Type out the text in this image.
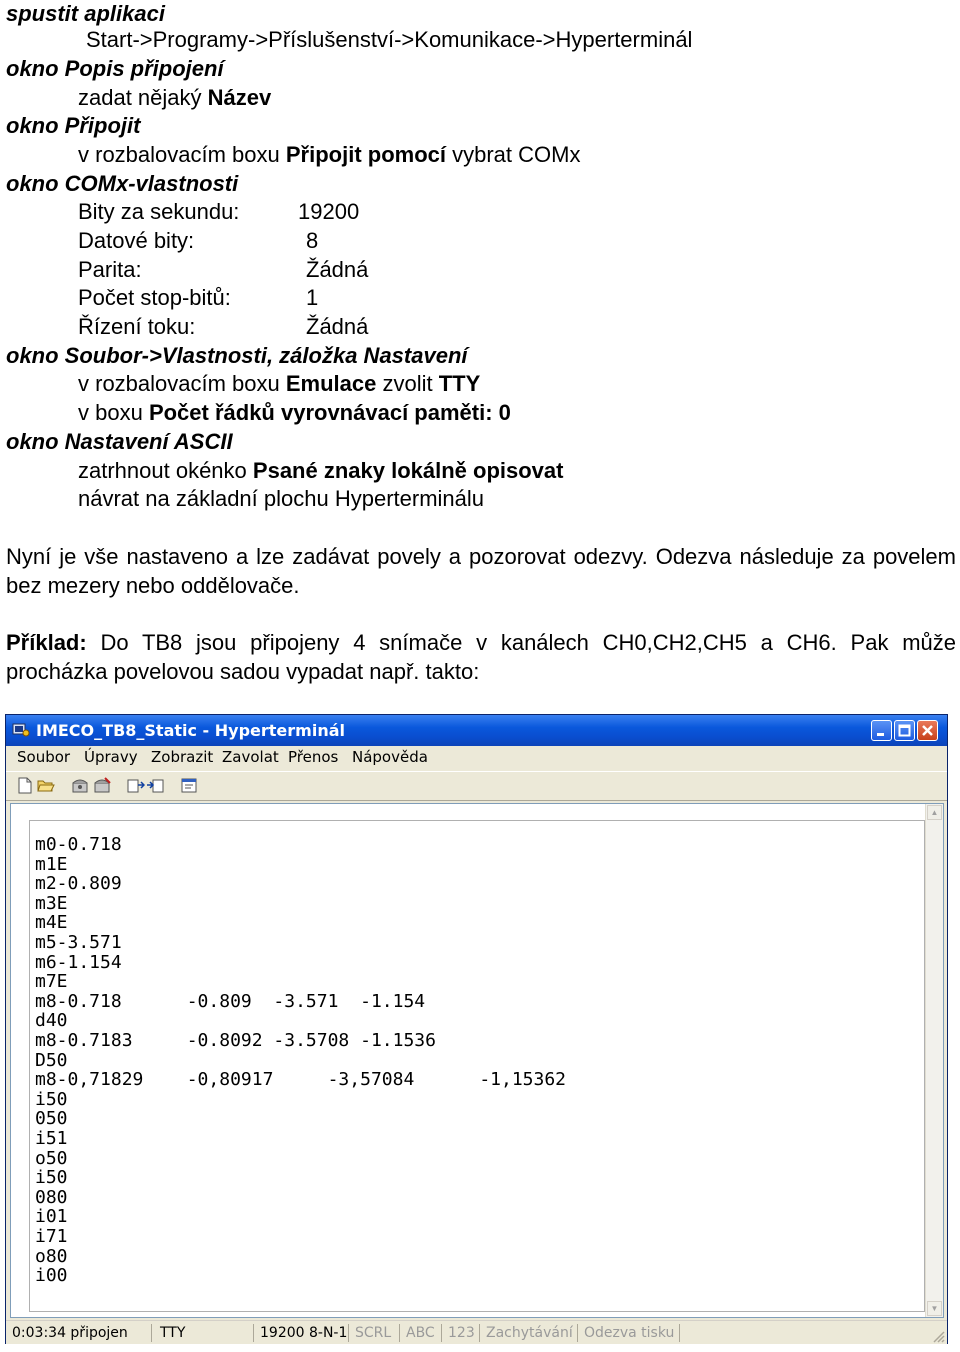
spustit aplikaci
Start->Programy->Příslušenství->Komunikace->Hyperterminál
okno Popis připojení
zadat nějaký Název
okno Připojit
v rozbalovacím boxu Připojit pomocí vybrat COMx
okno COMx-vlastnosti
Bity za sekundu:	19200
Datové bity:	8
Parita:	Žádná
Počet stop-bitů:	1
Řízení toku:	Žádná
okno Soubor->Vlastnosti, záložka Nastavení
v rozbalovacím boxu Emulace zvolit TTY
v boxu Počet řádků vyrovnávací paměti: 0
okno Nastavení ASCII
zatrhnout okénko Psané znaky lokálně opisovat
návrat na základní plochu Hyperterminálu
Nyní je vše nastaveno a lze zadávat povely a pozorovat odezvy. Odezva následuje za povelem bez mezery nebo oddělovače.
Příklad: Do TB8 jsou připojeny 4 snímače v kanálech CH0,CH2,CH5 a CH6. Pak může procházka povelovou sadou vypadat např. takto:
IMECO_TB8_Static - Hyperterminál
Soubor Úpravy Zobrazit Zavolat Přenos Nápověda
m0-0.718
m1E
m2-0.809
m3E
m4E
m5-3.571
m6-1.154
m7E
m8-0.718      -0.809  -3.571  -1.154
d40
m8-0.7183     -0.8092 -3.5708 -1.1536
D50
m8-0,71829    -0,80917     -3,57084      -1,15362
i50
050
i51
o50
i50
080
i01
i71
o80
i00
▲
▼
0:03:34 připojen	TTY	19200 8-N-1 SCRL	ABC 123 Zachytávání Odezva tisku
